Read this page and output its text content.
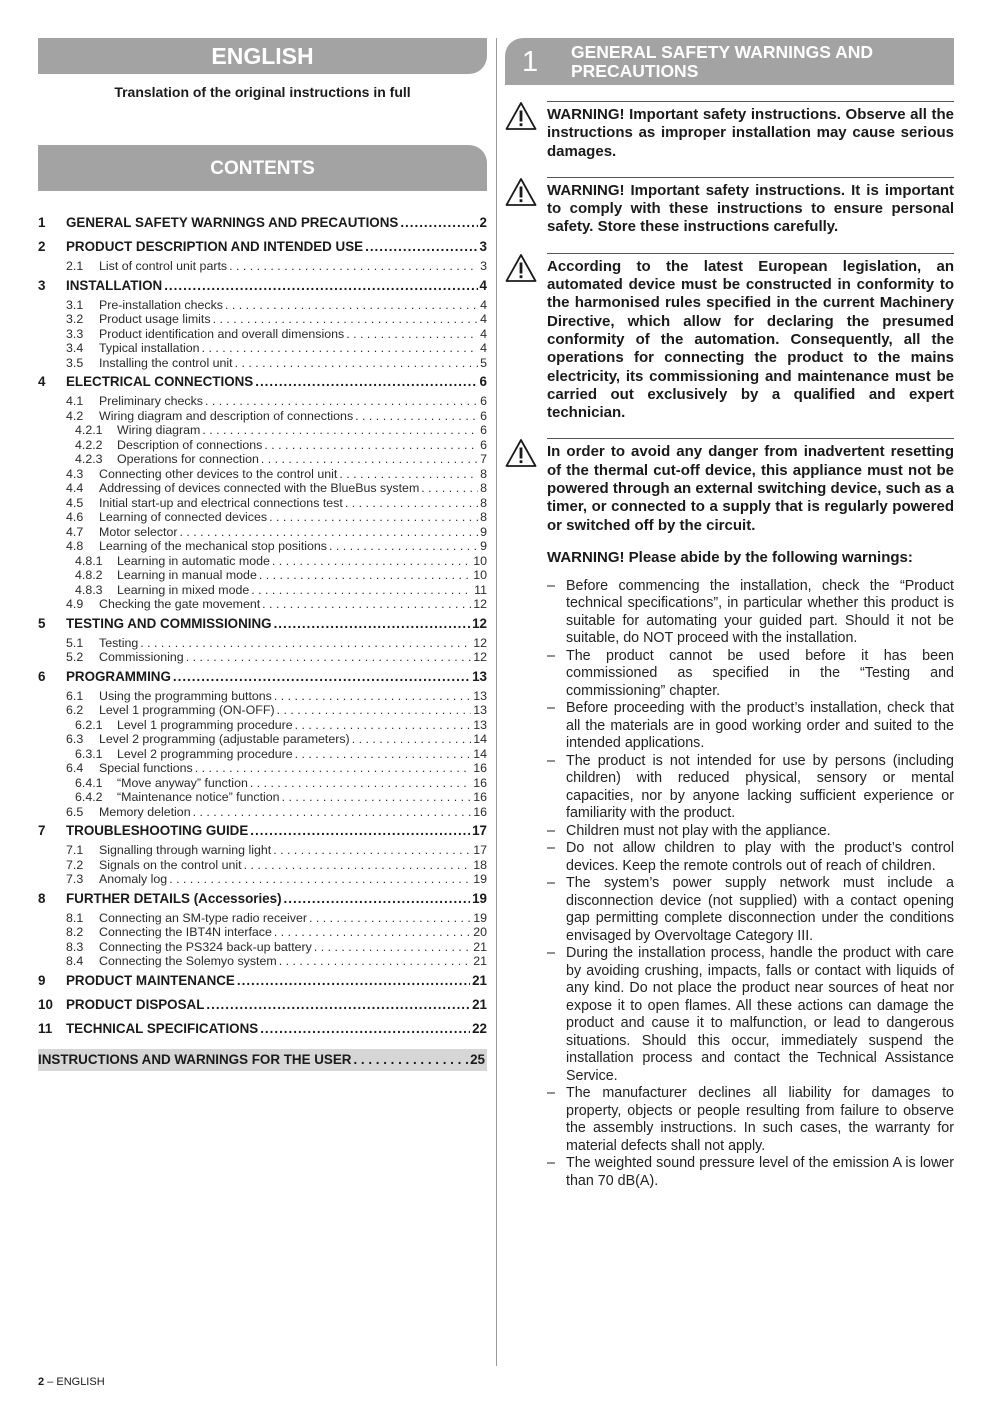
ENGLISH
Translation of the original instructions in full
CONTENTS
1	GENERAL SAFETY WARNINGS AND PRECAUTIONS .....	2
2	PRODUCT DESCRIPTION AND INTENDED USE .....	3
2.1	List of control unit parts . . .	3
3	INSTALLATION .....	4
3.1	Pre-installation checks . . .	4
3.2	Product usage limits . . .	4
3.3	Product identification and overall dimensions . . .	4
3.4	Typical installation . . .	4
3.5	Installing the control unit . . .	5
4	ELECTRICAL CONNECTIONS .....	6
4.1	Preliminary checks . . .	6
4.2	Wiring diagram and description of connections . . .	6
4.2.1	Wiring diagram . . .	6
4.2.2	Description of connections . . .	6
4.2.3	Operations for connection . . .	7
4.3	Connecting other devices to the control unit . . .	8
4.4	Addressing of devices connected with the BlueBus system . . .	8
4.5	Initial start-up and electrical connections test . . .	8
4.6	Learning of connected devices . . .	8
4.7	Motor selector . . .	9
4.8	Learning of the mechanical stop positions . . .	9
4.8.1	Learning in automatic mode . . .	10
4.8.2	Learning in manual mode . . .	10
4.8.3	Learning in mixed mode . . .	11
4.9	Checking the gate movement . . .	12
5	TESTING AND COMMISSIONING .....	12
5.1	Testing . . .	12
5.2	Commissioning . . .	12
6	PROGRAMMING .....	13
6.1	Using the programming buttons . . .	13
6.2	Level 1 programming (ON-OFF) . . .	13
6.2.1	Level 1 programming procedure . . .	13
6.3	Level 2 programming (adjustable parameters) . . .	14
6.3.1	Level 2 programming procedure . . .	14
6.4	Special functions . . .	16
6.4.1	“Move anyway” function . . .	16
6.4.2	“Maintenance notice” function . . .	16
6.5	Memory deletion . . .	16
7	TROUBLESHOOTING GUIDE .....	17
7.1	Signalling through warning light . . .	17
7.2	Signals on the control unit . . .	18
7.3	Anomaly log . . .	19
8	FURTHER DETAILS (Accessories) .....	19
8.1	Connecting an SM-type radio receiver . . .	19
8.2	Connecting the IBT4N interface . . .	20
8.3	Connecting the PS324 back-up battery . . .	21
8.4	Connecting the Solemyo system . . .	21
9	PRODUCT MAINTENANCE .....	21
10 PRODUCT DISPOSAL .....	21
11	TECHNICAL SPECIFICATIONS .....	22
INSTRUCTIONS AND WARNINGS FOR THE USER . . .	25
1 GENERAL SAFETY WARNINGS AND PRECAUTIONS
WARNING! Important safety instructions. Observe all the instructions as improper installation may cause serious damages.
WARNING! Important safety instructions. It is important to comply with these instructions to ensure personal safety. Store these instructions carefully.
According to the latest European legislation, an automated device must be constructed in conformity to the harmonised rules specified in the current Machinery Directive, which allow for declaring the presumed conformity of the automation. Consequently, all the operations for connecting the product to the mains electricity, its commissioning and maintenance must be carried out exclusively by a qualified and expert technician.
In order to avoid any danger from inadvertent resetting of the thermal cut-off device, this appliance must not be powered through an external switching device, such as a timer, or connected to a supply that is regularly powered or switched off by the circuit.
WARNING! Please abide by the following warnings:
– Before commencing the installation, check the “Product technical specifications”, in particular whether this product is suitable for automating your guided part. Should it not be suitable, do NOT proceed with the installation.
– The product cannot be used before it has been commissioned as specified in the “Testing and commissioning” chapter.
– Before proceeding with the product’s installation, check that all the materials are in good working order and suited to the intended applications.
– The product is not intended for use by persons (including children) with reduced physical, sensory or mental capacities, nor by anyone lacking sufficient experience or familiarity with the product.
– Children must not play with the appliance.
– Do not allow children to play with the product’s control devices. Keep the remote controls out of reach of children.
– The system’s power supply network must include a disconnection device (not supplied) with a contact opening gap permitting complete disconnection under the conditions envisaged by Overvoltage Category III.
– During the installation process, handle the product with care by avoiding crushing, impacts, falls or contact with liquids of any kind. Do not place the product near sources of heat nor expose it to open flames. All these actions can damage the product and cause it to malfunction, or lead to dangerous situations. Should this occur, immediately suspend the installation process and contact the Technical Assistance Service.
– The manufacturer declines all liability for damages to property, objects or people resulting from failure to observe the assembly instructions. In such cases, the warranty for material defects shall not apply.
– The weighted sound pressure level of the emission A is lower than 70 dB(A).
2 – ENGLISH
